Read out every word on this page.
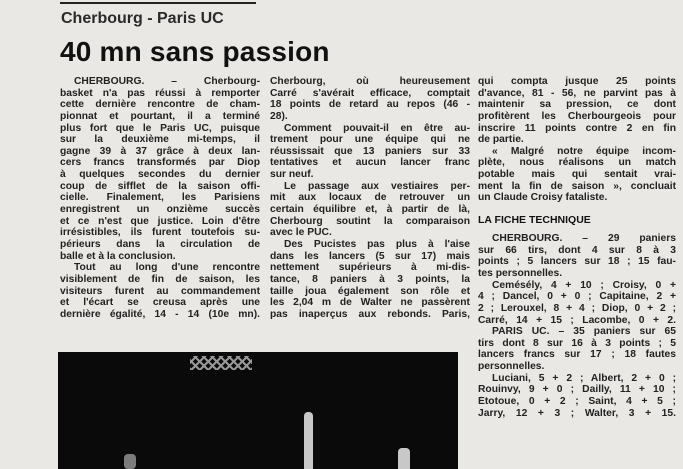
Cherbourg - Paris UC
40 mn sans passion
CHERBOURG. – Cherbourg-
basket n'a pas réussi à remporter
cette dernière rencontre de cham-
pionnat et pourtant, il a terminé
plus fort que le Paris UC, puisque
sur la deuxième mi-temps, il
gagne 39 à 37 grâce à deux lan-
cers francs transformés par Diop
à quelques secondes du dernier
coup de sifflet de la saison offi-
cielle. Finalement, les Parisiens
enregistrent un onzième succès
et ce n'est que justice. Loin d'être
irrésistibles, ils furent toutefois su-
périeurs dans la circulation de
balle et à la conclusion.
Tout au long d'une rencontre
visiblement de fin de saison, les
visiteurs furent au commandement
et l'écart se creusa après une
dernière égalité, 14 - 14 (10e mn).
Cherbourg, où heureusement
Carré s'avérait efficace, comptait
18 points de retard au repos (46 -
28).
Comment pouvait-il en être au-
trement pour une équipe qui ne
réussissait que 13 paniers sur 33
tentatives et aucun lancer franc
sur neuf.
Le passage aux vestiaires per-
mit aux locaux de retrouver un
certain équilibre et, à partir de là,
Cherbourg soutint la comparaison
avec le PUC.
Des Pucistes pas plus à l'aise
dans les lancers (5 sur 17) mais
nettement supérieurs à mi-dis-
tance, 8 paniers à 3 points, la
taille joua également son rôle et
les 2,04 m de Walter ne passèrent
pas inaperçus aux rebonds. Paris,
qui compta jusque 25 points
d'avance, 81 - 56, ne parvint pas à
maintenir sa pression, ce dont
profitèrent les Cherbourgeois pour
inscrire 11 points contre 2 en fin
de partie.
« Malgré notre équipe incom-
plète, nous réalisons un match
potable mais qui sentait vrai-
ment la fin de saison », concluait
un Claude Croisy fataliste.
LA FICHE TECHNIQUE
CHERBOURG. – 29 paniers
sur 66 tirs, dont 4 sur 8 à 3
points ; 5 lancers sur 18 ; 15 fau-
tes personnelles.
Cemésély, 4 + 10 ; Croisy, 0 +
4 ; Dancel, 0 + 0 ; Capitaine, 2 +
2 ; Lerouxel, 8 + 4 ; Diop, 0 + 2 ;
Carré, 14 + 15 ; Lacombe, 0 + 2.
PARIS UC. – 35 paniers sur 65
tirs dont 8 sur 16 à 3 points ; 5
lancers francs sur 17 ; 18 fautes
personnelles.
Luciani, 5 + 2 ; Albert, 2 + 0 ;
Rouinvy, 9 + 0 ; Dailly, 11 + 10 ;
Étotoue, 0 + 2 ; Saint, 4 + 5 ;
Jarry, 12 + 3 ; Walter, 3 + 15.
